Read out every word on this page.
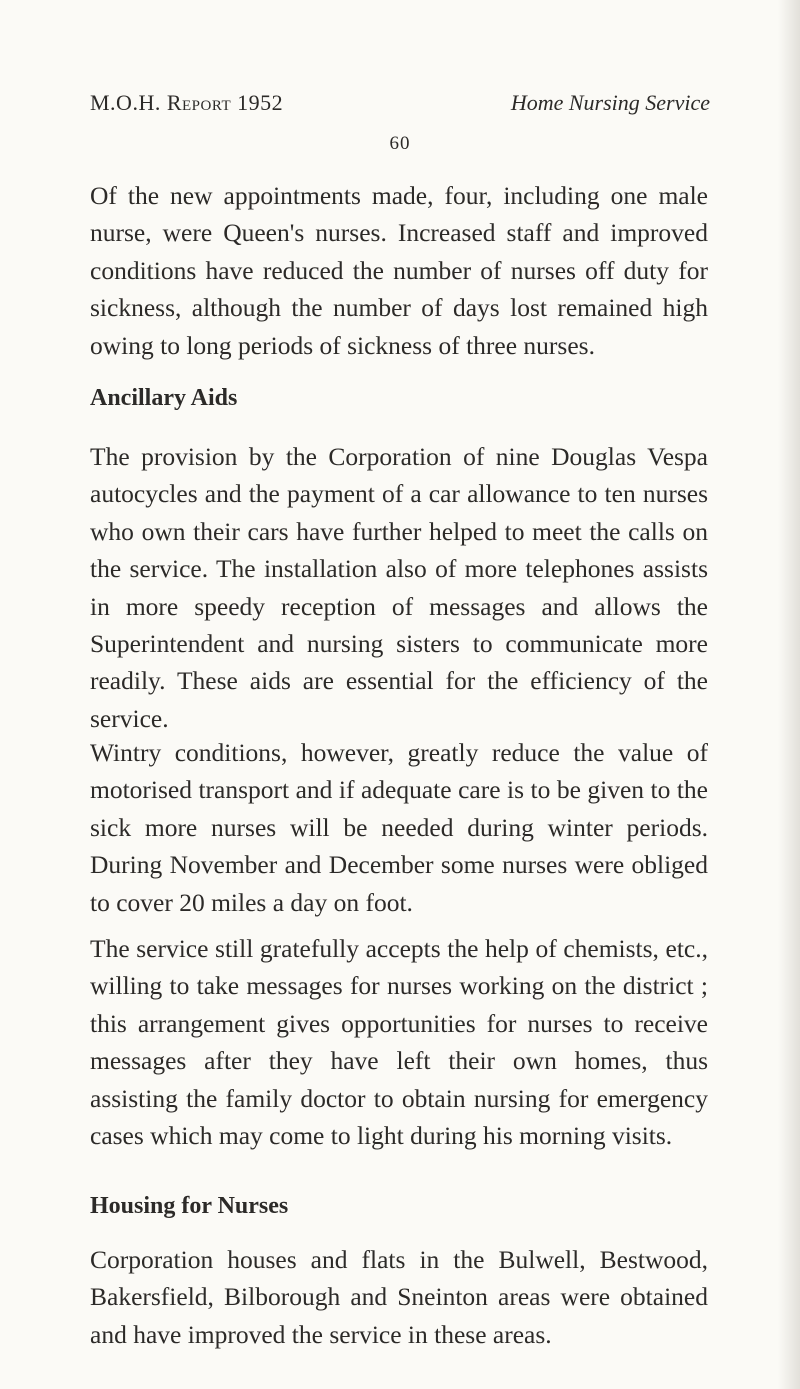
M.O.H. Report 1952	Home Nursing Service
60

Of the new appointments made, four, including one male nurse, were Queen's nurses. Increased staff and improved conditions have reduced the number of nurses off duty for sickness, although the number of days lost remained high owing to long periods of sickness of three nurses.

Ancillary Aids

The provision by the Corporation of nine Douglas Vespa autocycles and the payment of a car allowance to ten nurses who own their cars have further helped to meet the calls on the service. The installation also of more telephones assists in more speedy reception of messages and allows the Superintendent and nursing sisters to communicate more readily. These aids are essential for the efficiency of the service.

Wintry conditions, however, greatly reduce the value of motorised transport and if adequate care is to be given to the sick more nurses will be needed during winter periods. During November and December some nurses were obliged to cover 20 miles a day on foot.

The service still gratefully accepts the help of chemists, etc., willing to take messages for nurses working on the district ; this arrangement gives opportunities for nurses to receive messages after they have left their own homes, thus assisting the family doctor to obtain nursing for emergency cases which may come to light during his morning visits.

Housing for Nurses

Corporation houses and flats in the Bulwell, Bestwood, Bakersfield, Bilborough and Sneinton areas were obtained and have improved the service in these areas.
